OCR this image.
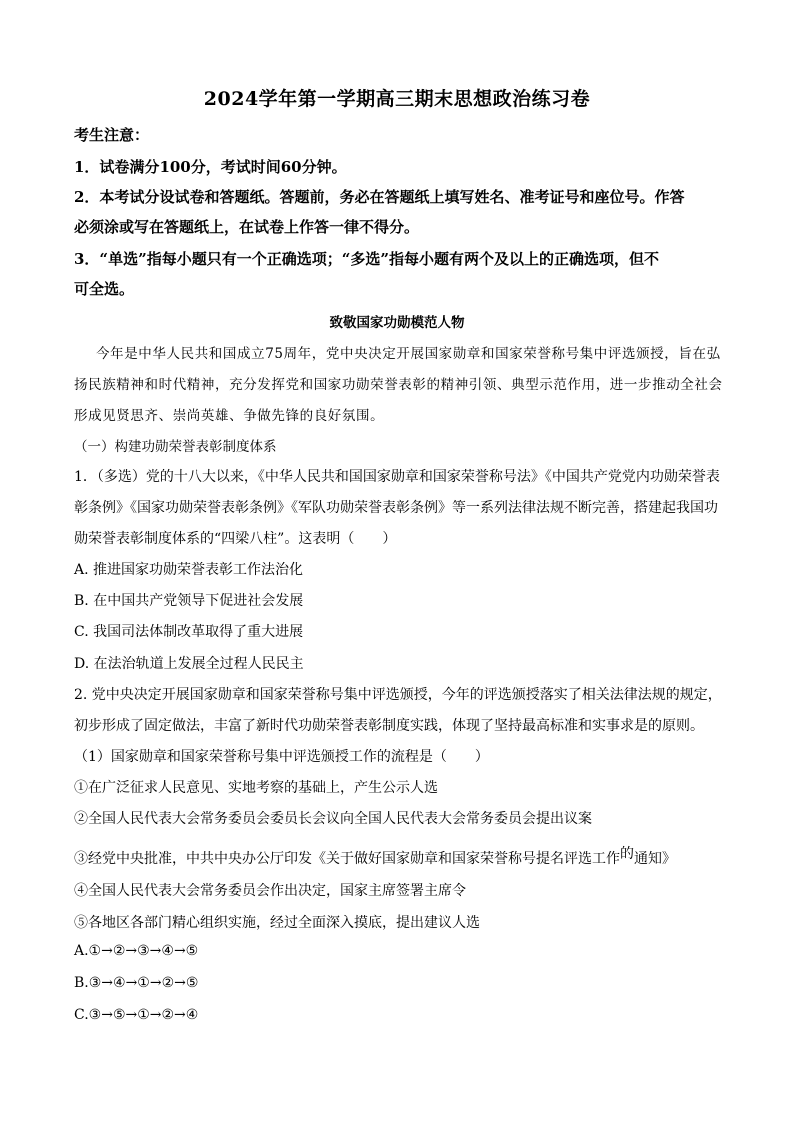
2024学年第一学期高三期末思想政治练习卷
考生注意：
1．试卷满分100分，考试时间60分钟。
2．本考试分设试卷和答题纸。答题前，务必在答题纸上填写姓名、准考证号和座位号。作答
必须涂或写在答题纸上，在试卷上作答一律不得分。
3．“单选”指每小题只有一个正确选项；“多选”指每小题有两个及以上的正确选项，但不
可全选。
致敬国家功勋模范人物
今年是中华人民共和国成立75周年，党中央决定开展国家勋章和国家荣誉称号集中评选颁授，旨在弘
扬民族精神和时代精神，充分发挥党和国家功勋荣誉表彰的精神引领、典型示范作用，进一步推动全社会
形成见贤思齐、崇尚英雄、争做先锋的良好氛围。
（一）构建功勋荣誉表彰制度体系
1．（多选）党的十八大以来，《中华人民共和国国家勋章和国家荣誉称号法》《中国共产党党内功勋荣誉表
彰条例》《国家功勋荣誉表彰条例》《军队功勋荣誉表彰条例》等一系列法律法规不断完善，搭建起我国功
勋荣誉表彰制度体系的“四梁八柱”。这表明（　　）
A. 推进国家功勋荣誉表彰工作法治化
B. 在中国共产党领导下促进社会发展
C. 我国司法体制改革取得了重大进展
D. 在法治轨道上发展全过程人民民主
2. 党中央决定开展国家勋章和国家荣誉称号集中评选颁授，今年的评选颁授落实了相关法律法规的规定，
初步形成了固定做法，丰富了新时代功勋荣誉表彰制度实践，体现了坚持最高标准和实事求是的原则。
（1）国家勋章和国家荣誉称号集中评选颁授工作的流程是（　　）
①在广泛征求人民意见、实地考察的基础上，产生公示人选
②全国人民代表大会常务委员会委员长会议向全国人民代表大会常务委员会提出议案
③经党中央批准，中共中央办公厅印发《关于做好国家勋章和国家荣誉称号提名评选工作的通知》
④全国人民代表大会常务委员会作出决定，国家主席签署主席令
⑤各地区各部门精心组织实施，经过全面深入摸底，提出建议人选
A.①→②→③→④→⑤
B.③→④→①→②→⑤
C.③→⑤→①→②→④
